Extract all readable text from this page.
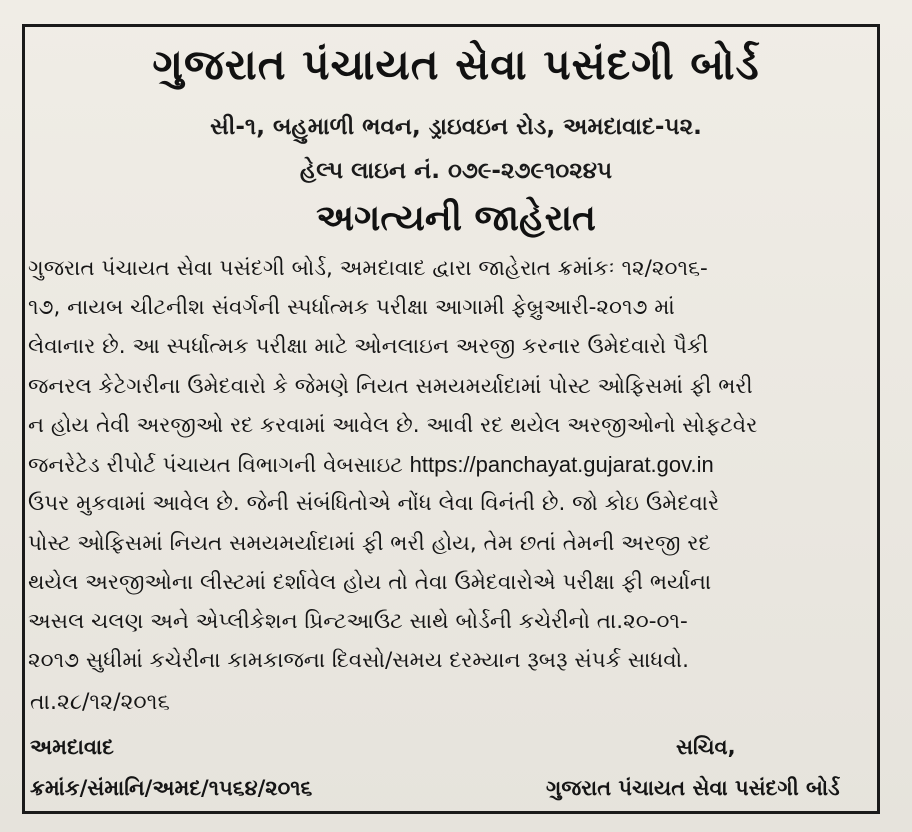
ગુજરાત પંચાયત સેવા પસંદગી બોર્ડ
સી-૧, બહુમાળી ભવન, ડ્રાઇવઇન રોડ, અમદાવાદ-૫૨.
હેલ્પ લાઇન નં. ૦૭૯-૨૭૯૧૦૨૪૫
અગત્યની જાહેરાત
ગુજરાત પંચાયત સેવા પસંદગી બોર્ડ, અમદાવાદ દ્વારા જાહેરાત ક્રમાંકઃ ૧૨/૨૦૧૬-
૧૭, નાયબ ચીટનીશ સંવર્ગની સ્પર્ધાત્મક પરીક્ષા આગામી ફેબ્રુઆરી-૨૦૧૭ માં
લેવાનાર છે. આ સ્પર્ધાત્મક પરીક્ષા માટે ઓનલાઇન અરજી કરનાર ઉમેદવારો પૈકી
જનરલ કેટેગરીના ઉમેદવારો કે જેમણે નિયત સમયમર્યાદામાં પોસ્ટ ઓફિસમાં ફી ભરી
ન હોય તેવી અરજીઓ રદ કરવામાં આવેલ છે. આવી રદ થયેલ અરજીઓનો સોફટવેર
જનરેટેડ રીપોર્ટ પંચાયત વિભાગની વેબસાઇટ https://panchayat.gujarat.gov.in
ઉપર મુકવામાં આવેલ છે. જેની સંબંધિતોએ નોંધ લેવા વિનંતી છે. જો કોઇ ઉમેદવારે
પોસ્ટ ઓફિસમાં નિયત સમયમર્યાદામાં ફી ભરી હોય, તેમ છતાં તેમની અરજી રદ
થયેલ અરજીઓના લીસ્ટમાં દર્શાવેલ હોય તો તેવા ઉમેદવારોએ પરીક્ષા ફી ભર્યાના
અસલ ચલણ અને એપ્લીકેશન પ્રિન્ટઆઉટ સાથે બોર્ડની કચેરીનો તા.૨૦-૦૧-
૨૦૧૭ સુધીમાં કચેરીના કામકાજના દિવસો/સમય દરમ્યાન રૂબરૂ સંપર્ક સાધવો.
તા.૨૮/૧૨/૨૦૧૬
અમદાવાદ	સચિવ,
ક્રમાંક/સંમાનિ/અમદ/૧૫૬૪/૨૦૧૬	ગુજરાત પંચાયત સેવા પસંદગી બોર્ડ
